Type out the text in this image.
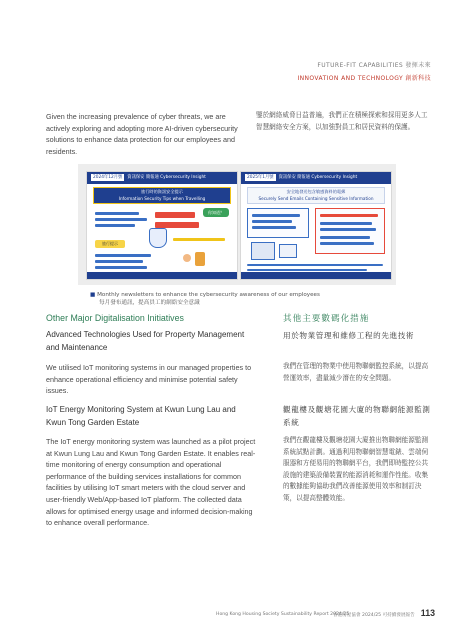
FUTURE-FIT CAPABILITIES 發揮未來
INNOVATION AND TECHNOLOGY 創新科技
Given the increasing prevalence of cyber threats, we are actively exploring and adopting more AI-driven cybersecurity solutions to enhance data protection for our employees and residents.
鑒於網絡威脅日益普遍，我們正在積極探索和採用更多人工智慧網絡安全方案，以加強對員工和居民資料的保護。
2024年12月號 資訊保安 簡報通 Cybersecurity Insight
旅行時的資訊安全提示
Information Security Tips when Travelling
你知道？
旅行提示
2025年1月號 資訊保安 簡報通 Cybersecurity Insight
安全地發送包含敏感資料的電郵
Securely Send Emails Containing Sensitive Information
■ Monthly newsletters to enhance the cybersecurity awareness of our employees
每月發布通訊，提高員工的網絡安全意識
Other Major Digitalisation Initiatives	其他主要數碼化措施
Advanced Technologies Used for Property Management and Maintenance
用於物業管理和維修工程的先進技術
We utilised IoT monitoring systems in our managed properties to enhance operational efficiency and minimise potential safety issues.
我們在管理的物業中使用物聯網監控系統，以提高營運效率，盡量減少潛在的安全問題。
IoT Energy Monitoring System at Kwun Lung Lau and Kwun Tong Garden Estate
觀龍樓及觀塘花園大廈的物聯網能源監測系統
The IoT energy monitoring system was launched as a pilot project at Kwun Lung Lau and Kwun Tong Garden Estate. It enables real-time monitoring of energy consumption and operational performance of the building services installations for common facilities by utilising IoT smart meters with the cloud server and user-friendly Web/App-based IoT platform. The collected data allows for optimised energy usage and informed decision-making to enhance overall performance.
我們在觀龍樓及觀塘花園大廈推出物聯網能源監測系統試點計劃。通過利用物聯網智慧電錶、雲端伺服器和方便易用的物聯網平台，我們即時監控公共設施的建築設備裝置的能源消耗和運作性能。收集的數據能夠協助我們改善能源使用效率和制訂決策，以提高整體效能。
Hong Kong Housing Society Sustainability Report 2024/25
香港房屋協會 2024/25 可持續發展報告 113
